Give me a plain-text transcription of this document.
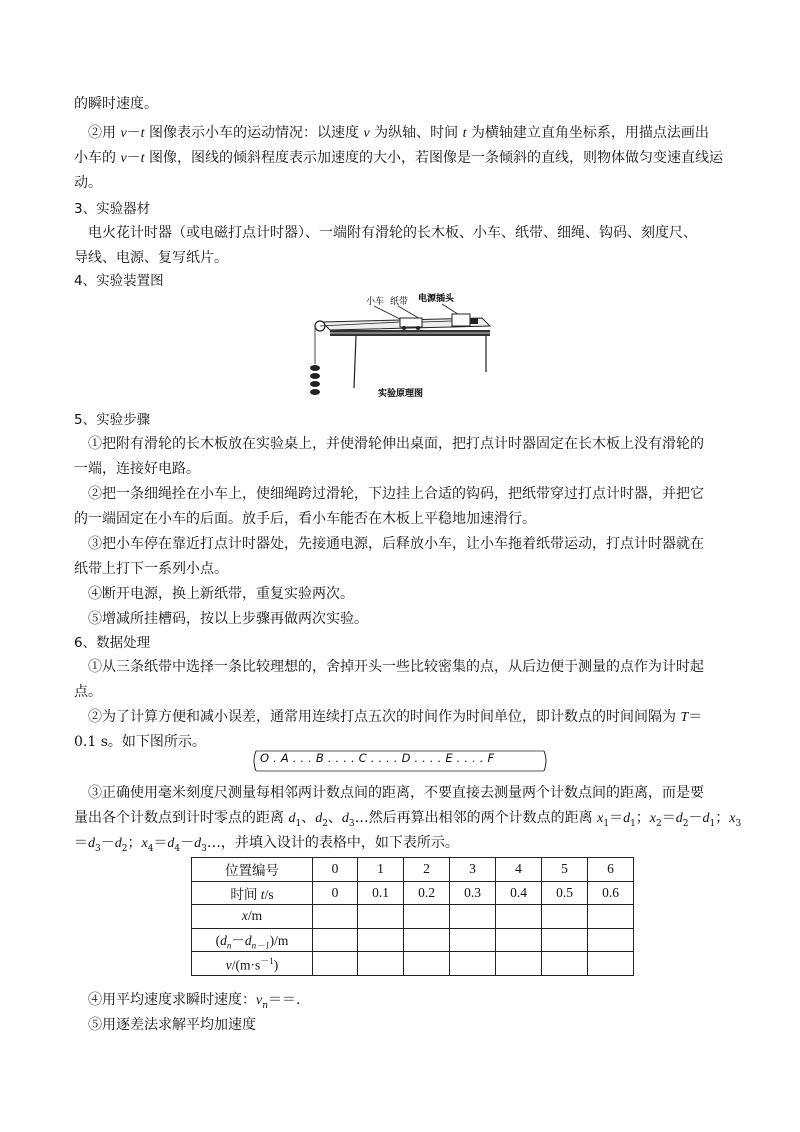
的瞬时速度。
②用 v－t 图像表示小车的运动情况：以速度 v 为纵轴、时间 t 为横轴建立直角坐标系，用描点法画出
小车的 v－t 图像，图线的倾斜程度表示加速度的大小，若图像是一条倾斜的直线，则物体做匀变速直线运
动。
3、实验器材
电火花计时器（或电磁打点计时器）、一端附有滑轮的长木板、小车、纸带、细绳、钩码、刻度尺、
导线、电源、复写纸片。
4、实验装置图
小车 纸带 电源插头
实验原理图
5、实验步骤
①把附有滑轮的长木板放在实验桌上，并使滑轮伸出桌面，把打点计时器固定在长木板上没有滑轮的
一端，连接好电路。
②把一条细绳拴在小车上，使细绳跨过滑轮，下边挂上合适的钩码，把纸带穿过打点计时器，并把它
的一端固定在小车的后面。放手后，看小车能否在木板上平稳地加速滑行。
③把小车停在靠近打点计时器处，先接通电源，后释放小车，让小车拖着纸带运动，打点计时器就在
纸带上打下一系列小点。
④断开电源，换上新纸带，重复实验两次。
⑤增减所挂槽码，按以上步骤再做两次实验。
6、数据处理
①从三条纸带中选择一条比较理想的，舍掉开头一些比较密集的点，从后边便于测量的点作为计时起
点。
②为了计算方便和减小误差，通常用连续打点五次的时间作为时间单位，即计数点的时间间隔为 T＝
0.1 s。如下图所示。
O . A . . . B . . . . C . . . . D . . . . E . . . . F
③正确使用毫米刻度尺测量每相邻两计数点间的距离，不要直接去测量两个计数点间的距离，而是要
量出各个计数点到计时零点的距离 $d_1$、$d_2$、$d_3\dots$然后再算出相邻的两个计数点的距离 $x_1=d_1$；$x_2=d_2-d_1$；$x_3$
$=d_3-d_2$；$x_4=d_4-d_3\dots$，并填入设计的表格中，如下表所示。
位置编号	0	1	2	3	4	5	6
时间 t/s	0	0.1	0.2	0.3	0.4	0.5	0.6
x/m							
$(d_n-d_{n-1})/m$							
$v/(m\cdot s^{-1})$							
④用平均速度求瞬时速度：$v_n==$.
⑤用逐差法求解平均加速度
